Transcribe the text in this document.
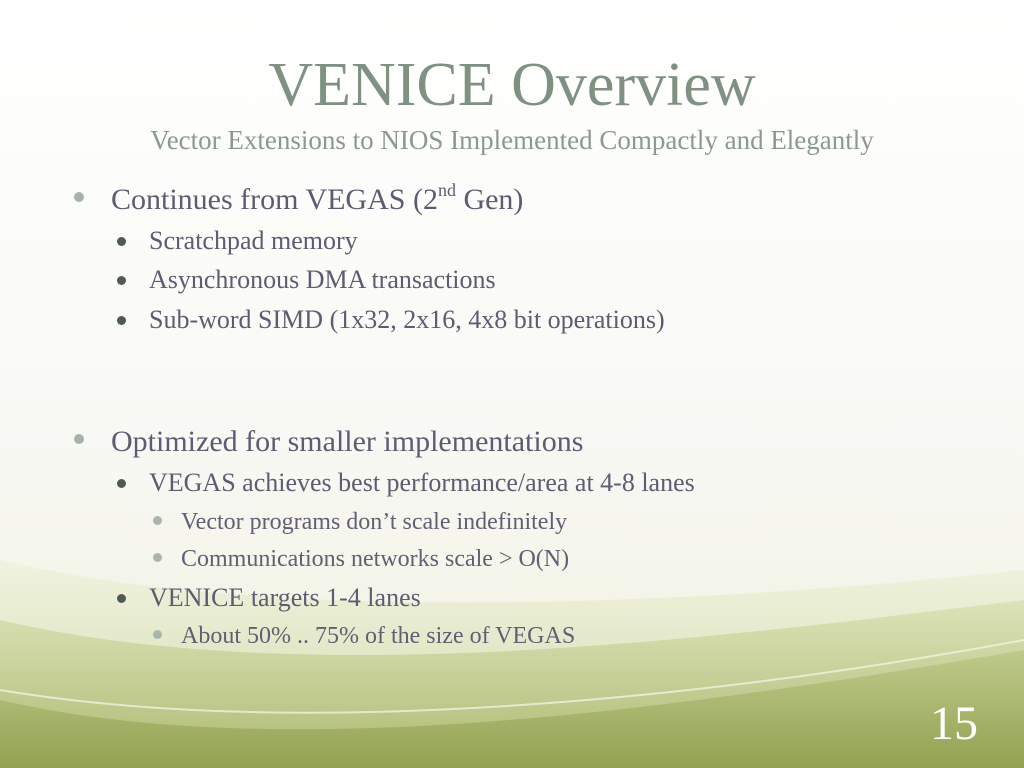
VENICE Overview
Vector Extensions to NIOS Implemented Compactly and Elegantly
Continues from VEGAS (2nd Gen)
Scratchpad memory
Asynchronous DMA transactions
Sub-word SIMD (1x32, 2x16, 4x8 bit operations)
Optimized for smaller implementations
VEGAS achieves best performance/area at 4-8 lanes
Vector programs don’t scale indefinitely
Communications networks scale > O(N)
VENICE targets 1-4 lanes
About 50% .. 75% of the size of VEGAS
15
